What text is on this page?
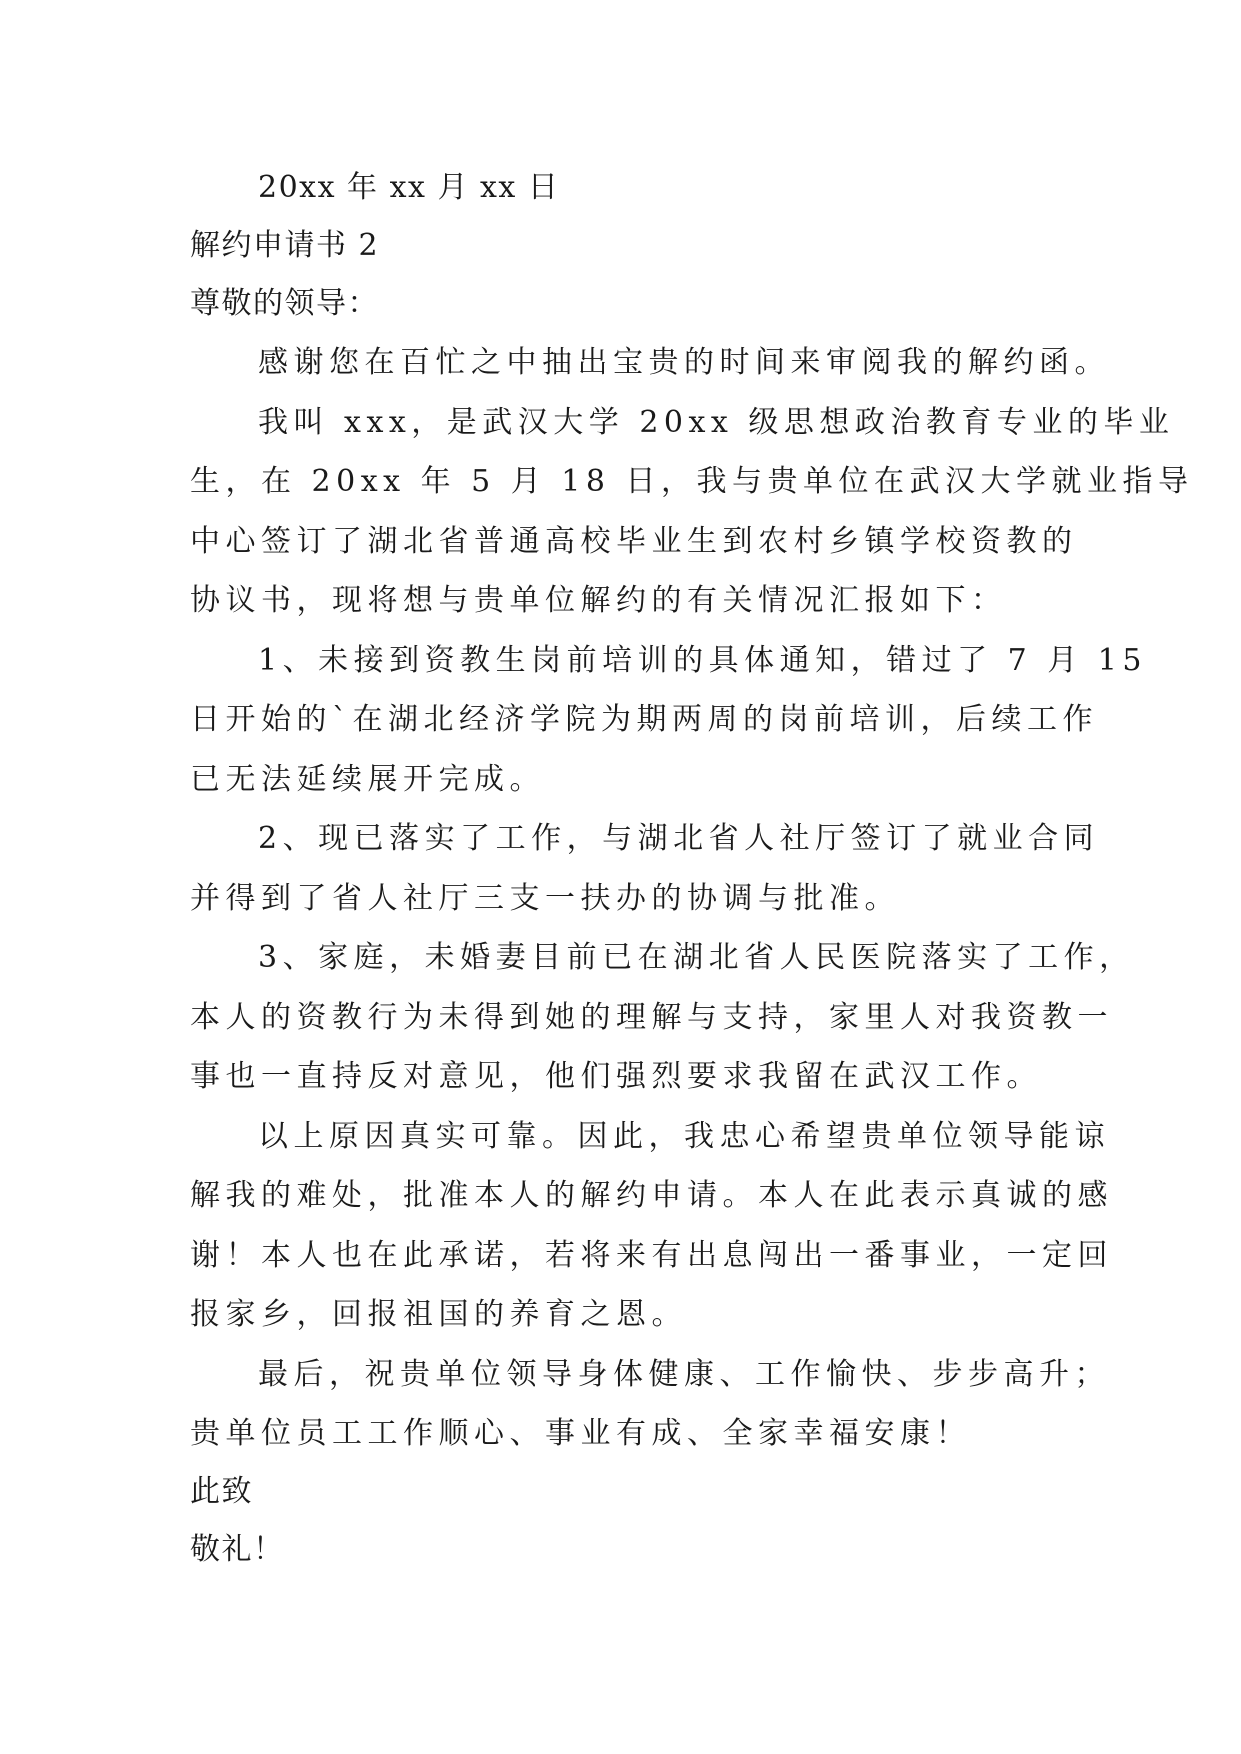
20xx 年 xx 月 xx 日
解约申请书 2
尊敬的领导：
感谢您在百忙之中抽出宝贵的时间来审阅我的解约函。
我叫 xxx，是武汉大学 20xx 级思想政治教育专业的毕业
生，在 20xx 年 5 月 18 日，我与贵单位在武汉大学就业指导
中心签订了湖北省普通高校毕业生到农村乡镇学校资教的
协议书，现将想与贵单位解约的有关情况汇报如下：
1、未接到资教生岗前培训的具体通知，错过了 7 月 15
日开始的`在湖北经济学院为期两周的岗前培训，后续工作
已无法延续展开完成。
2、现已落实了工作，与湖北省人社厅签订了就业合同
并得到了省人社厅三支一扶办的协调与批准。
3、家庭，未婚妻目前已在湖北省人民医院落实了工作，
本人的资教行为未得到她的理解与支持，家里人对我资教一
事也一直持反对意见，他们强烈要求我留在武汉工作。
以上原因真实可靠。因此，我忠心希望贵单位领导能谅
解我的难处，批准本人的解约申请。本人在此表示真诚的感
谢！本人也在此承诺，若将来有出息闯出一番事业，一定回
报家乡，回报祖国的养育之恩。
最后，祝贵单位领导身体健康、工作愉快、步步高升；
贵单位员工工作顺心、事业有成、全家幸福安康！
此致
敬礼！
